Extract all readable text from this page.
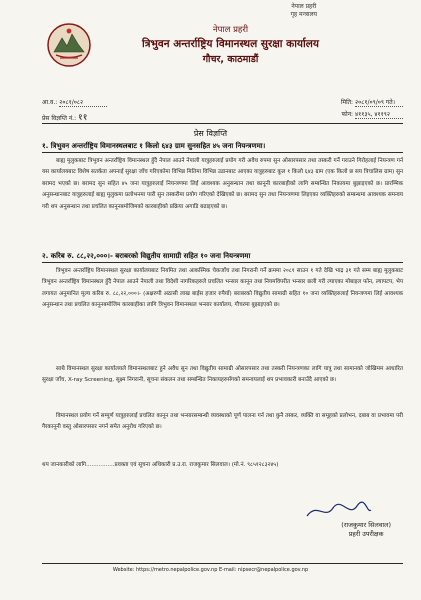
नेपाल प्रहरी
गृह मन्त्रालय
नेपाल प्रहरी
त्रिभुवन अन्तर्राष्ट्रिय विमानस्थल सुरक्षा कार्यालय
गौचर, काठमाडौं
आ.व.: २०८१/०८२	मिति: २०८१/०९/०९ गते।
प्रेस विज्ञप्ति नं.: ११	फोन: ४११३५, ४११९२
प्रेस विज्ञप्ति
१. त्रिभुवन अन्तर्राष्ट्रिय विमानस्थलबाट १ किलो ६४३ ग्राम सुनसहित ४५ जना नियन्त्रणमा।
बाह्य मुलुकबाट त्रिभुवन अन्तर्राष्ट्रिय विमानस्थल हुँदै नेपाल आउने नेपाली यात्रुहरुलाई प्रयोग गरी अवैध रुपमा सुन ओसारपसार तथा तस्करी गर्ने गराउने गिरोहलाई नियन्त्रण गर्न यस कार्यालयबाट विशेष सतर्कता अपनाई सुरक्षा जाँच गरिएकोमा विभिन्न मितिमा विभिन्न उडानबाट आएका यात्रुहरुबाट कुल १ किलो ६४३ ग्राम (एक किलो छ सय त्रिचालिस ग्राम) सुन बरामद भएको छ। बरामद सुन सहित ४५ जना यात्रुहरुलाई नियन्त्रणमा लिई आवश्यक अनुसन्धान तथा कानूनी कारबाहीको लागि सम्बन्धित निकायमा बुझाइएको छ। प्रारम्भिक अनुसन्धानबाट यात्रुहरुलाई बाह्य मुलुकमा प्रलोभनमा पारी सुन तस्करीमा प्रयोग गरिएको देखिएको छ। बरामद सुन तथा नियन्त्रणमा लिइएका व्यक्तिहरुको सम्बन्धमा आवश्यक समन्वय गरी थप अनुसन्धान तथा प्रचलित कानूनबमोजिमको कारबाहीको प्रक्रिया अगाडि बढाइएको छ।
२. करिब रु. ८८,२२,०००।- बराबरको विद्युतीय सामाग्री सहित १० जना नियन्त्रणमा
त्रिभुवन अन्तर्राष्ट्रिय विमानस्थल सुरक्षा कार्यालयबाट नियमित तथा आकस्मिक चेकजाँच तथा निगरानी गर्ने क्रममा २०८१ साउन १ गते देखि भाद्र ३१ गते सम्म बाह्य मुलुकबाट त्रिभुवन अन्तर्राष्ट्रिय विमानस्थल हुँदै नेपाल आउने नेपाली तथा विदेशी नागरिकहरुले प्रचलित भन्सार कानून तथा नियमविपरीत भन्सार छली गरी ल्याएका मोबाइल फोन, ल्यापटप, भेप लगायत अनुमानित मूल्य करिब रु. ८८,२२,०००।- (अक्षरुपी अठासी लाख बाईस हजार रुपैयाँ) बराबरको विद्युतीय सामाग्री सहित १० जना व्यक्तिहरुलाई नियन्त्रणमा लिई आवश्यक अनुसन्धान तथा प्रचलित कानूनबमोजिम कारबाहीका लागि त्रिभुवन विमानस्थल भन्सार कार्यालय, गौचरमा बुझाइएको छ।
साथै विमानस्थल सुरक्षा कार्यालयले विमानस्थलबाट हुने अवैध सुन तथा विद्युतीय सामाग्री ओसारपसार तथा तस्करी नियन्त्रणका लागि यात्रु तथा सामानको जोखिमम आधारित सुरक्षा जाँच, X-ray Screening, सूक्ष्म निगरानी, सूचना संकलन तथा सम्बन्धित निकायहरुसँगको समन्वयलाई थप प्रभावकारी बनाउँदै आएको छ।
विमानस्थल प्रयोग गर्ने सम्पूर्ण यात्रुहरुलाई प्रचलित कानून तथा भन्सारसम्बन्धी व्यवस्थाको पूर्ण पालना गर्न तथा कुनै तस्कर, व्यक्ति वा समूहको प्रलोभन, दबाब वा प्रभावमा परी गैरकानूनी वस्तु ओसारपसार नगर्न समेत अनुरोध गरिएको छ।
थप जानकारीको लागि................प्रवक्ता एवं सूचना अधिकारी प्र.उ.रा. राजकुमार सिलवाल। (मो.नं. ९८५१२८३२४५)
(राजकुमार सिलवाल)
प्रहरी उपरीक्षक
Website: https://metro.nepalpolice.gov.np E-mail: nipsecr@nepalpolice.gov.np
